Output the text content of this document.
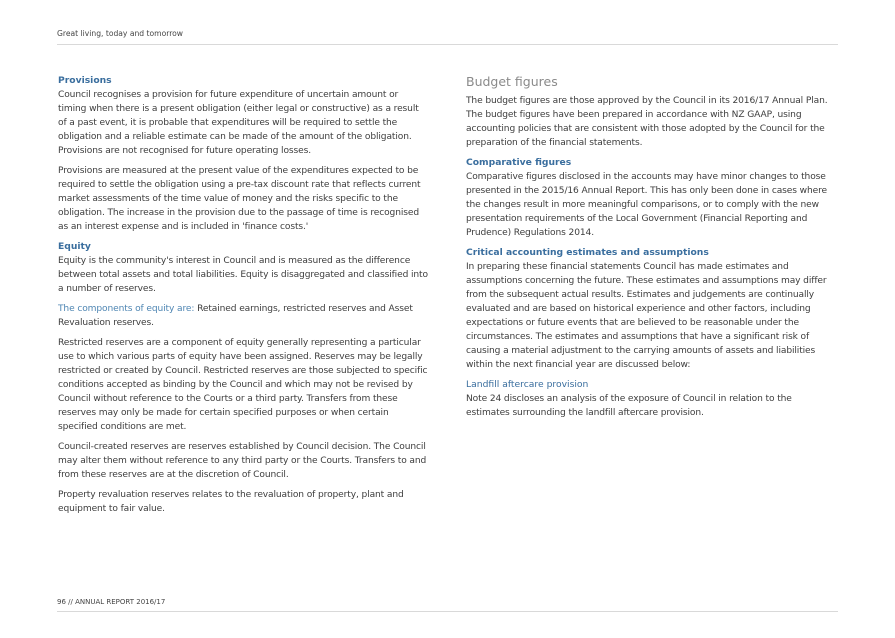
Great living, today and tomorrow

Provisions

Council recognises a provision for future expenditure of uncertain amount or timing when there is a present obligation (either legal or constructive) as a result of a past event, it is probable that expenditures will be required to settle the obligation and a reliable estimate can be made of the amount of the obligation. Provisions are not recognised for future operating losses.

Provisions are measured at the present value of the expenditures expected to be required to settle the obligation using a pre-tax discount rate that reflects current market assessments of the time value of money and the risks specific to the obligation. The increase in the provision due to the passage of time is recognised as an interest expense and is included in 'finance costs.'

Equity

Equity is the community's interest in Council and is measured as the difference between total assets and total liabilities. Equity is disaggregated and classified into a number of reserves.

The components of equity are: Retained earnings, restricted reserves and Asset Revaluation reserves.

Restricted reserves are a component of equity generally representing a particular use to which various parts of equity have been assigned. Reserves may be legally restricted or created by Council. Restricted reserves are those subjected to specific conditions accepted as binding by the Council and which may not be revised by Council without reference to the Courts or a third party. Transfers from these reserves may only be made for certain specified purposes or when certain specified conditions are met.

Council-created reserves are reserves established by Council decision. The Council may alter them without reference to any third party or the Courts. Transfers to and from these reserves are at the discretion of Council.

Property revaluation reserves relates to the revaluation of property, plant and equipment to fair value.

Budget figures

The budget figures are those approved by the Council in its 2016/17 Annual Plan. The budget figures have been prepared in accordance with NZ GAAP, using accounting policies that are consistent with those adopted by the Council for the preparation of the financial statements.

Comparative figures

Comparative figures disclosed in the accounts may have minor changes to those presented in the 2015/16 Annual Report. This has only been done in cases where the changes result in more meaningful comparisons, or to comply with the new presentation requirements of the Local Government (Financial Reporting and Prudence) Regulations 2014.

Critical accounting estimates and assumptions

In preparing these financial statements Council has made estimates and assumptions concerning the future. These estimates and assumptions may differ from the subsequent actual results. Estimates and judgements are continually evaluated and are based on historical experience and other factors, including expectations or future events that are believed to be reasonable under the circumstances. The estimates and assumptions that have a significant risk of causing a material adjustment to the carrying amounts of assets and liabilities within the next financial year are discussed below:

Landfill aftercare provision

Note 24 discloses an analysis of the exposure of Council in relation to the estimates surrounding the landfill aftercare provision.

96 // ANNUAL REPORT 2016/17
